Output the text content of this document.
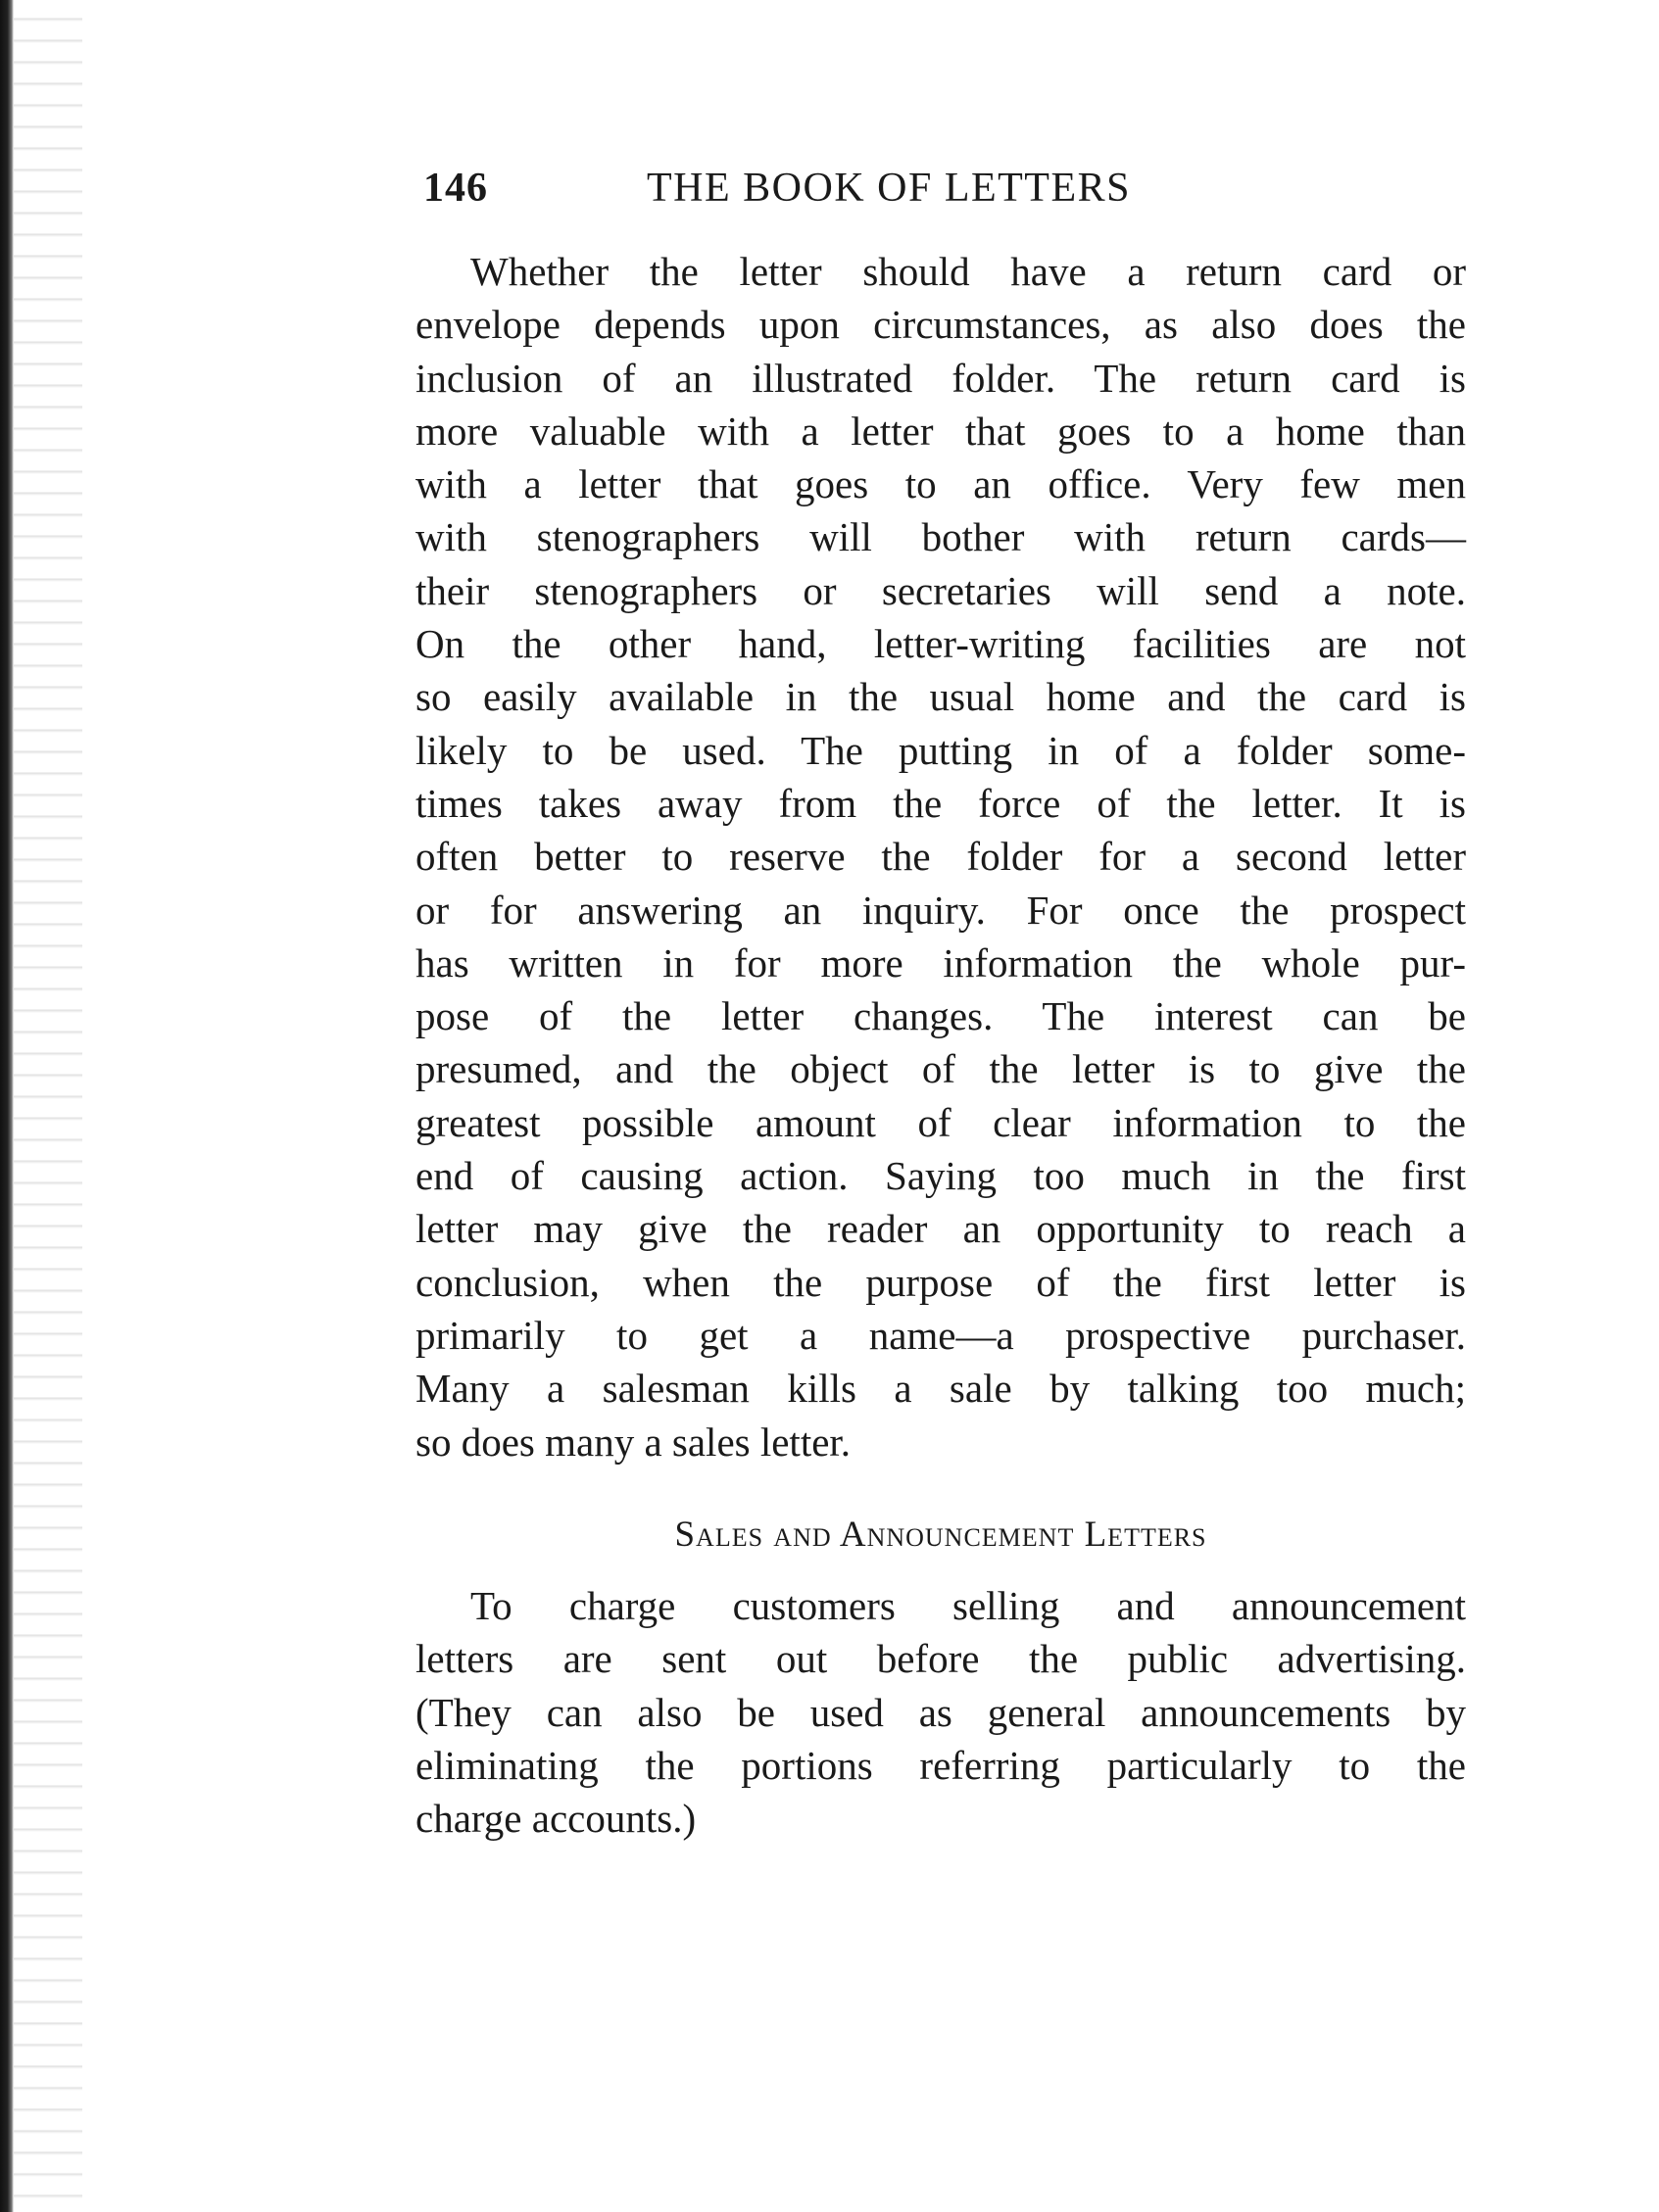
146	THE BOOK OF LETTERS
Whether the letter should have a return card or
envelope depends upon circumstances, as also does the
inclusion of an illustrated folder. The return card is
more valuable with a letter that goes to a home than
with a letter that goes to an office. Very few men
with stenographers will bother with return cards—
their stenographers or secretaries will send a note.
On the other hand, letter-writing facilities are not
so easily available in the usual home and the card is
likely to be used. The putting in of a folder some-
times takes away from the force of the letter. It is
often better to reserve the folder for a second letter
or for answering an inquiry. For once the prospect
has written in for more information the whole pur-
pose of the letter changes. The interest can be
presumed, and the object of the letter is to give the
greatest possible amount of clear information to the
end of causing action. Saying too much in the first
letter may give the reader an opportunity to reach a
conclusion, when the purpose of the first letter is
primarily to get a name—a prospective purchaser.
Many a salesman kills a sale by talking too much;
so does many a sales letter.
Sales and Announcement Letters
To charge customers selling and announcement
letters are sent out before the public advertising.
(They can also be used as general announcements by
eliminating the portions referring particularly to the
charge accounts.)
